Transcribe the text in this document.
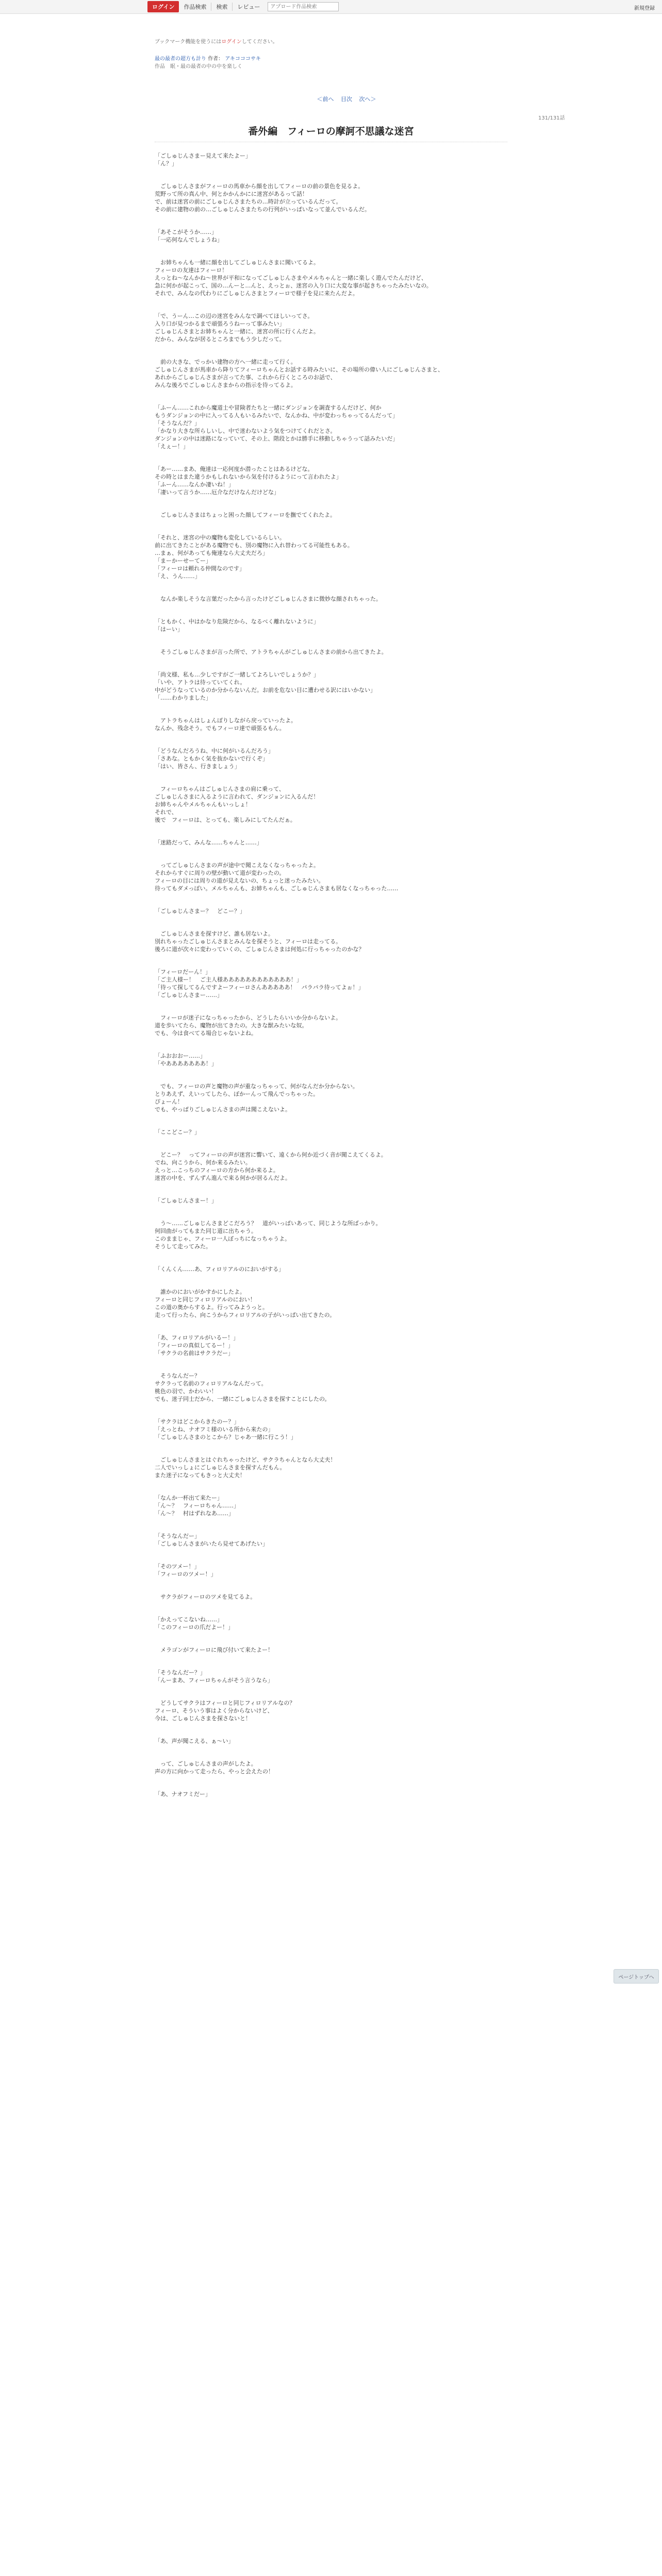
ログイン	作品検索	検索	レビュー
アプロード作品検索	新規登録
ブックマーク機能を使うにはログインしてください。
最の最者の超方も計り 作者： アキコココサキ
作品　眠・最の最者の中の中を楽しく
＜前へ 目次 次へ＞
131/131話
番外編　フィーロの摩訶不思議な迷宮
「ごしゅじんさまー見えて来たよー」
「ん？」
　ごしゅじんさまがフィーロの馬車から顔を出してフィーロの前の景色を見るよ。
荒野って所の真ん中、何とかかんかにに迷宮があるって話！
で、前は迷宮の前にごしゅじんさまたちの…時計が立っているんだって。
その前に建物の前の…ごしゅじんさまたちの行列がいっぱいなって並んでいるんだ。
「あそこがそうか……」
「一応何なんでしょうね」
　お姉ちゃんも一緒に顔を出してごしゅじんさまに聞いてるよ。
フィーロの友達はフィーロ！
えっとね～なんかね～世界が平和になってごしゅじんさまやメルちゃんと一緒に楽しく遊んでたんだけど、
急に何かが起こって、国の…んーと…んと、えっとぉ、迷宮の入り口に大変な事が起きちゃったみたいなの。
それで、みんなの代わりにごしゅじんさまとフィーロで様子を見に来たんだよ。
「で、うーん…この辺の迷宮をみんなで調べてほしいってさ。
入り口が見つかるまで頑張ろうねーって事みたい」
ごしゅじんさまとお姉ちゃんと一緒に、迷宮の所に行くんだよ。
だから、みんなが居るところまでもう少しだって。
　前の大きな、でっかい建物の方へ一緒に走って行く。
ごしゅじんさまが馬車から降りてフィーロちゃんとお話する時みたいに、その場所の偉い人にごしゅじんさまと、
あれからごしゅじんさまが言ってた事、これから行くところのお話で、
みんな後ろでごしゅじんさまからの指示を待ってるよ。
「ふーん……これから魔道士や冒険者たちと一緒にダンジョンを調査するんだけど、何か
もうダンジョンの中に入ってる人もいるみたいで、なんかね、中が変わっちゃってるんだって」
「そうなんだ？」
「かなり大きな所らしいし、中で迷わないよう気をつけてくれだとさ。
ダンジョンの中は迷路になっていて、その上、階段とかは勝手に移動しちゃうって話みたいだ」
「えぇー！」
「あー……まあ、俺達は一応何度か潜ったことはあるけどな。
その時とはまた違うかもしれないから気を付けるようにって言われたよ」
「ふーん……なんか凄いね！」
「凄いって言うか……厄介なだけなんだけどな」
　ごしゅじんさまはちょっと困った顔してフィーロを撫でてくれたよ。
「それと、迷宮の中の魔物も変化しているらしい。
前に出てきたことがある魔物でも、別の魔物に入れ替わってる可能性もある。
…まぁ、何があっても俺達なら大丈夫だろ」
「まーかーせーてー」
「フィーロは頼れる仲間なのです」
「え、うん……」
　なんか楽しそうな言葉だったから言ったけどごしゅじんさまに微妙な顔されちゃった。
「ともかく、中はかなり危険だから、なるべく離れないように」
「はーい」
　そうごしゅじんさまが言った所で、アトラちゃんがごしゅじんさまの前から出てきたよ。
「尚文様、私も…少しですがご一緒してよろしいでしょうか？」
「いや、アトラは待っていてくれ。
中がどうなっているのか分からないんだ。お前を危ない目に遭わせる訳にはいかない」
「……わかりました」
　アトラちゃんはしょんぼりしながら戻っていったよ。
なんか、残念そう。でもフィーロ達で頑張るもん。
「どうなんだろうね、中に何がいるんだろう」
「さあな。ともかく気を抜かないで行くぞ」
「はい、皆さん、行きましょう」
　フィーロちゃんはごしゅじんさまの肩に乗って、
ごしゅじんさまに入るように言われて、ダンジョンに入るんだ！
お姉ちゃんやメルちゃんもいっしょ！
それで、
後で　フィーロは、とっても、楽しみにしてたんだぁ。
「迷路だって、みんな……ちゃんと……」
　ってごしゅじんさまの声が途中で聞こえなくなっちゃったよ。
それからすぐに周りの壁が動いて道が変わったの。
フィーロの目には周りの道が見えないの、ちょっと迷ったみたい。
待ってもダメっぽい。メルちゃんも、お姉ちゃんも、ごしゅじんさまも居なくなっちゃった……
「ごしゅじんさまー？　どこー？」
　ごしゅじんさまを探すけど、誰も居ないよ。
別れちゃったごしゅじんさまとみんなを探そうと、フィーロは走ってる。
後ろに道が次々に変わっていくの、ごしゅじんさまは何処に行っちゃったのかな？
「フィーロだーん！」
「ご主人様ー！　ご主人様ああああああああああああ！」
「待って探してるんですよーフィーロさんあああああ！　パラパラ待ってよぉ！」
「ごしゅじんさまー……」
　フィーロが迷子になっちゃったから、どうしたらいいか分からないよ。
道を歩いてたら、魔物が出てきたの。大きな獣みたいな奴。
でも、今は食べてる場合じゃないよね。
「ふおおおー……」
「やあああああああ！」
　でも、フィーロの声と魔物の声が重なっちゃって、何がなんだか分からない。
とりあえず、えいってしたら、ぽかーんって飛んでっちゃった。
ぴょーん！
でも、やっぱりごしゅじんさまの声は聞こえないよ。
「ここどこー？」
　どこー？　ってフィーロの声が迷宮に響いて、遠くから何か近づく音が聞こえてくるよ。
でね、向こうから、何か来るみたい。
えっと…こっちのフィーロの方から何か来るよ。
迷宮の中を、ずんずん進んで来る何かが居るんだよ。
「ごしゅじんさまー！」
　う～……ごしゅじんさまどこだろう？　道がいっぱいあって、同じような所ばっかり。
何回曲がってもまた同じ道に出ちゃう。
このままじゃ、フィーロ一人ぼっちになっちゃうよ。
そうして走ってみた。
「くんくん……あ、フィロリアルのにおいがする」
　誰かのにおいがかすかにしたよ。
フィーロと同じフィロリアルのにおい！
この道の奥からするよ。行ってみようっと。
走って行ったら、向こうからフィロリアルの子がいっぱい出てきたの。
「あ、フィロリアルがいるー！」
「フィーロの真似してるー！」
「サクラの名前はサクラだー」
　そうなんだー？
サクラって名前のフィロリアルなんだって。
桃色の羽で、かわいい！
でも、迷子同士だから、一緒にごしゅじんさまを探すことにしたの。
「サクラはどこからきたのー？」
「えっとね、ナオフミ様のいる所から来たの」
「ごしゅじんさまのとこから？じゃあ一緒に行こう！」
　ごしゅじんさまとはぐれちゃったけど、サクラちゃんとなら大丈夫！
二人でいっしょにごしゅじんさまを探すんだもん。
また迷子になってもきっと大丈夫！
「なんか一杯出て来たー」
「ん～？　フィーロちゃん……」
「ん～？　村はずれなあ……」
「そうなんだー」
「ごしゅじんさまがいたら見せてあげたい」
「そのツメー！」
「フィーロのツメー！」
　サクラがフィーロのツメを見てるよ。
「かえってこないね……」
「このフィーロの爪だよー！」
　メラゴンがフィーロに飛び付いて来たよー！
「そうなんだー？」
「んーまあ、フィーロちゃんがそう言うなら」
　どうしてサクラはフィーロと同じフィロリアルなの？
フィーロ、そういう事はよく分からないけど、
今は、ごしゅじんさまを探さないと！
「あ、声が聞こえる、ぁ～い」
　って、ごしゅじんさまの声がしたよ。
声の方に向かって走ったら、やっと会えたの！
「あ、ナオフミだー」
ページトップへ
